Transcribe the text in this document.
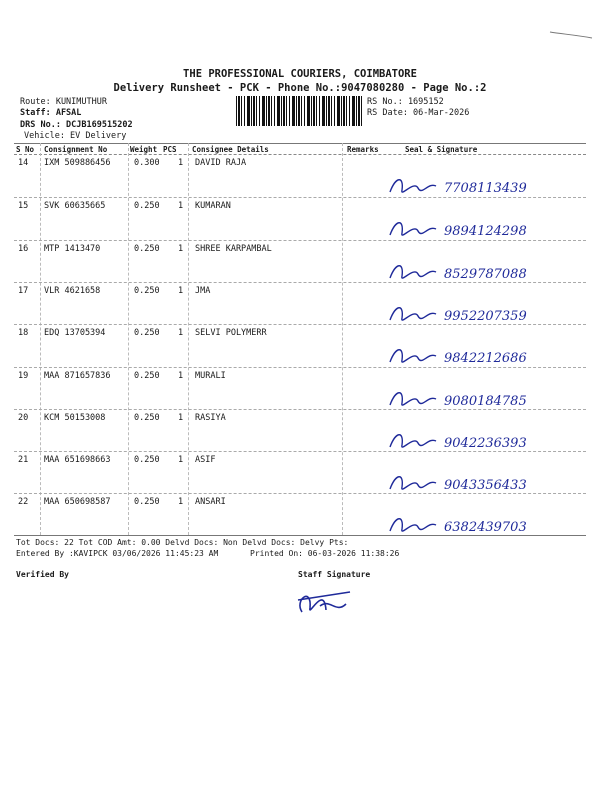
THE PROFESSIONAL COURIERS, COIMBATORE
Delivery Runsheet - PCK - Phone No.:9047080280 - Page No.:2
Route: KUNIMUTHUR
Staff: AFSAL
DRS No.: DCJB169515202
Vehicle: EV Delivery
RS No.: 1695152
RS Date: 06-Mar-2026
S No Consignment No	Weight PCS Consignee Details	Remarks	Seal & Signature
14 IXM 509886456	0.300 1 DAVID RAJA
7708113439
15 SVK 60635665	0.250 1 KUMARAN
9894124298
16 MTP 1413470	0.250 1 SHREE KARPAMBAL
8529787088
17 VLR 4621658	0.250 1 JMA
9952207359
18 EDQ 13705394	0.250 1 SELVI POLYMERR
9842212686
19 MAA 871657836	0.250 1 MURALI
9080184785
20 KCM 50153008	0.250 1 RASIYA
9042236393
21 MAA 651698663	0.250 1 ASIF
9043356433
22 MAA 650698587	0.250 1 ANSARI
6382439703
Tot Docs: 22 Tot COD Amt: 0.00 Delvd Docs: Non Delvd Docs: Delvy Pts:
Entered By :KAVIPCK 03/06/2026 11:45:23 AM	Printed On: 06-03-2026 11:38:26
Verified By	Staff Signature
